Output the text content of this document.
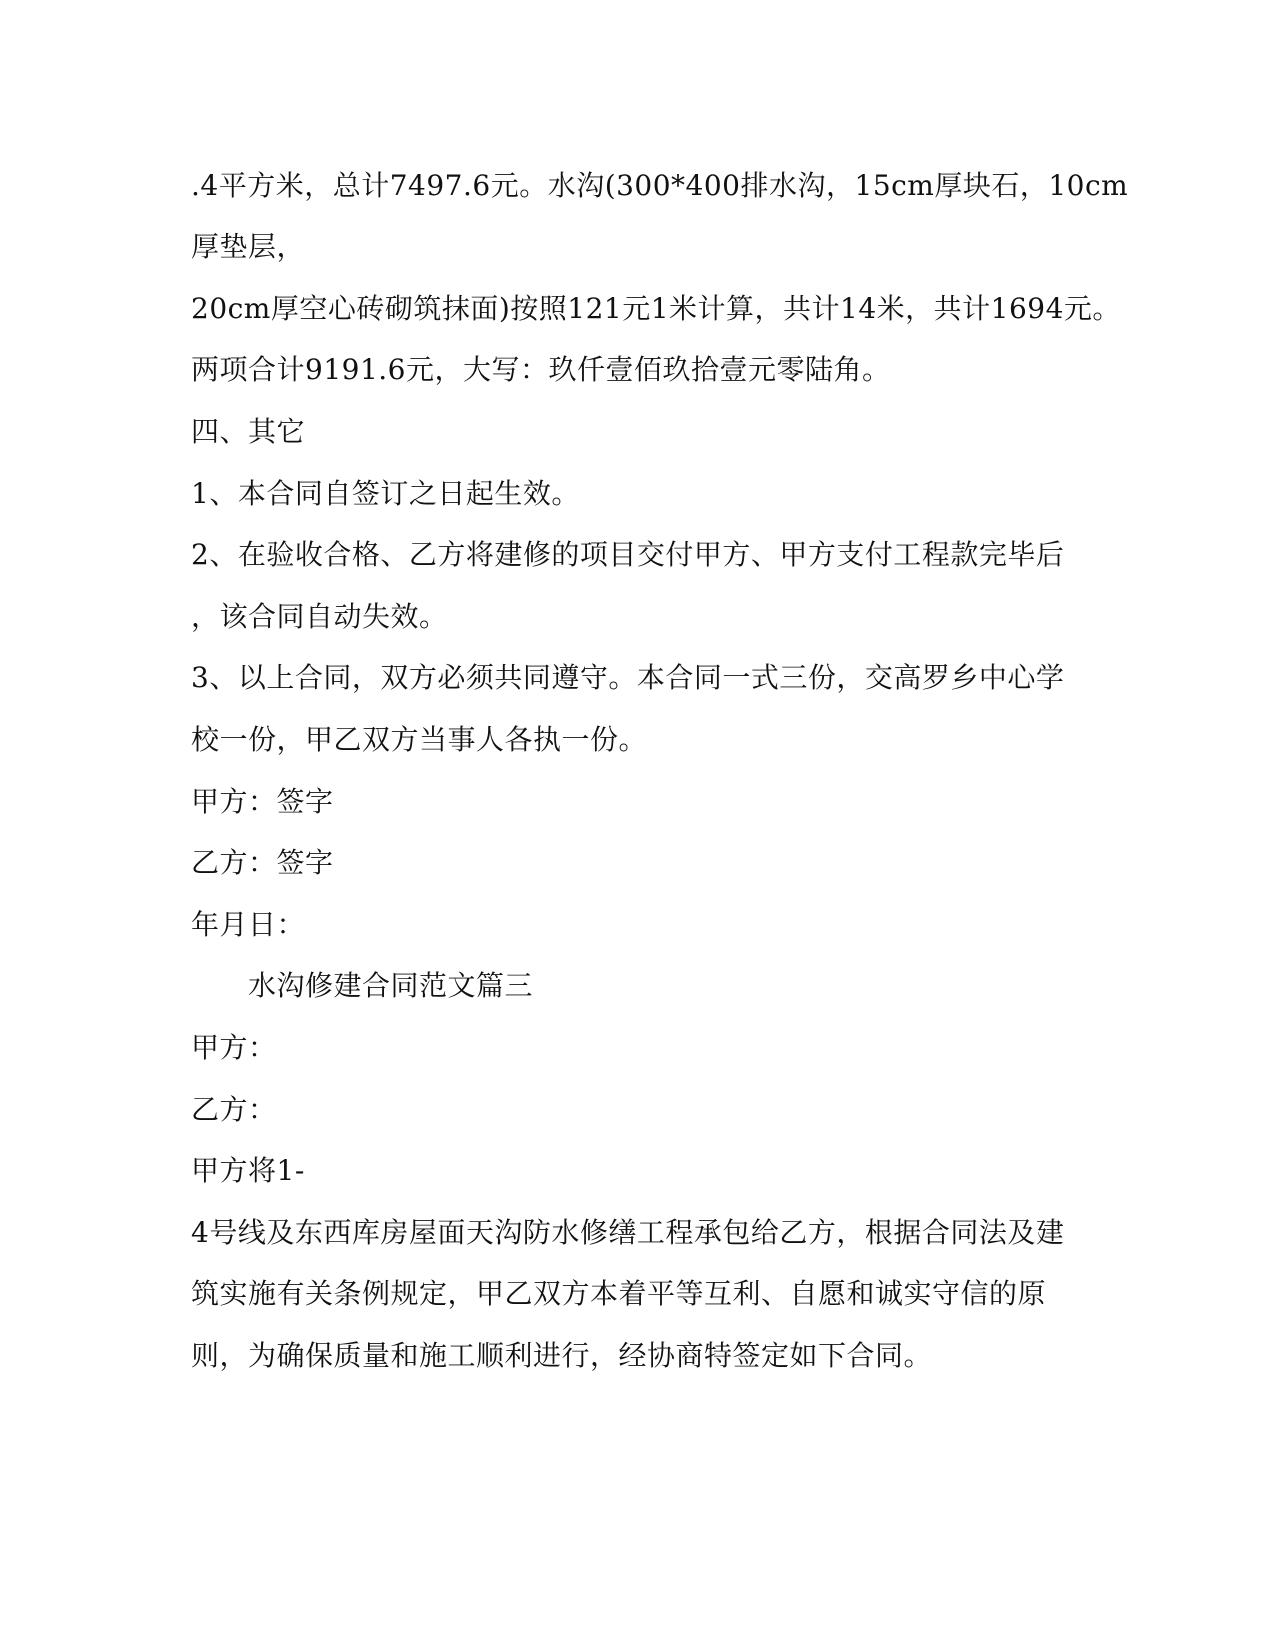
.4平方米，总计7497.6元。水沟(300*400排水沟，15cm厚块石，10cm

厚垫层，

20cm厚空心砖砌筑抹面)按照121元1米计算，共计14米，共计1694元。

两项合计9191.6元，大写：玖仟壹佰玖拾壹元零陆角。

四、其它

1、本合同自签订之日起生效。

2、在验收合格、乙方将建修的项目交付甲方、甲方支付工程款完毕后

，该合同自动失效。

3、以上合同，双方必须共同遵守。本合同一式三份，交高罗乡中心学

校一份，甲乙双方当事人各执一份。

甲方：签字

乙方：签字

年月日：

水沟修建合同范文篇三

甲方：

乙方：

甲方将1-

4号线及东西库房屋面天沟防水修缮工程承包给乙方，根据合同法及建

筑实施有关条例规定，甲乙双方本着平等互利、自愿和诚实守信的原

则，为确保质量和施工顺利进行，经协商特签定如下合同。
